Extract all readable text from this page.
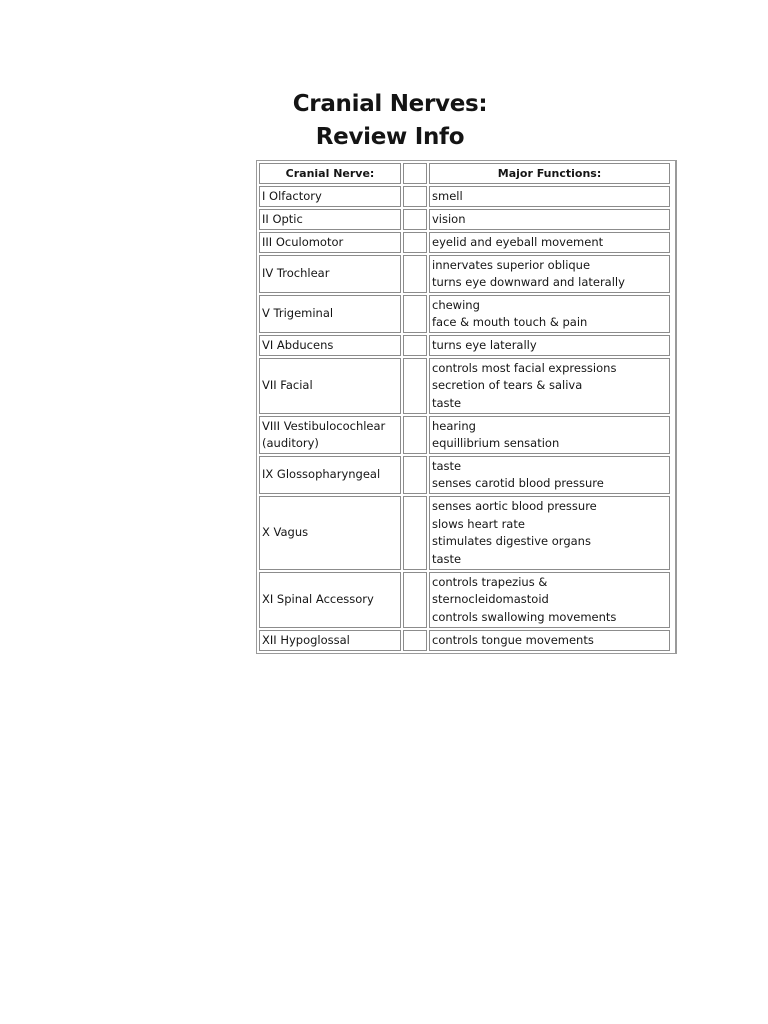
Cranial Nerves:
Review Info
Cranial Nerve:		Major Functions:
I Olfactory		smell

II Optic		vision

III Oculomotor		eyelid and eyeball movement

IV Trochlear		innervates superior oblique
turns eye downward and laterally

V Trigeminal		chewing
face & mouth touch & pain

VI Abducens		turns eye laterally

VII Facial		controls most facial expressions
secretion of tears & saliva
taste

VIII Vestibulocochlear (auditory)		hearing
equillibrium sensation

IX Glossopharyngeal		taste
senses carotid blood pressure

X Vagus		senses aortic blood pressure
slows heart rate
stimulates digestive organs
taste

XI Spinal Accessory		controls trapezius &
sternocleidomastoid
controls swallowing movements

XII Hypoglossal		controls tongue movements
